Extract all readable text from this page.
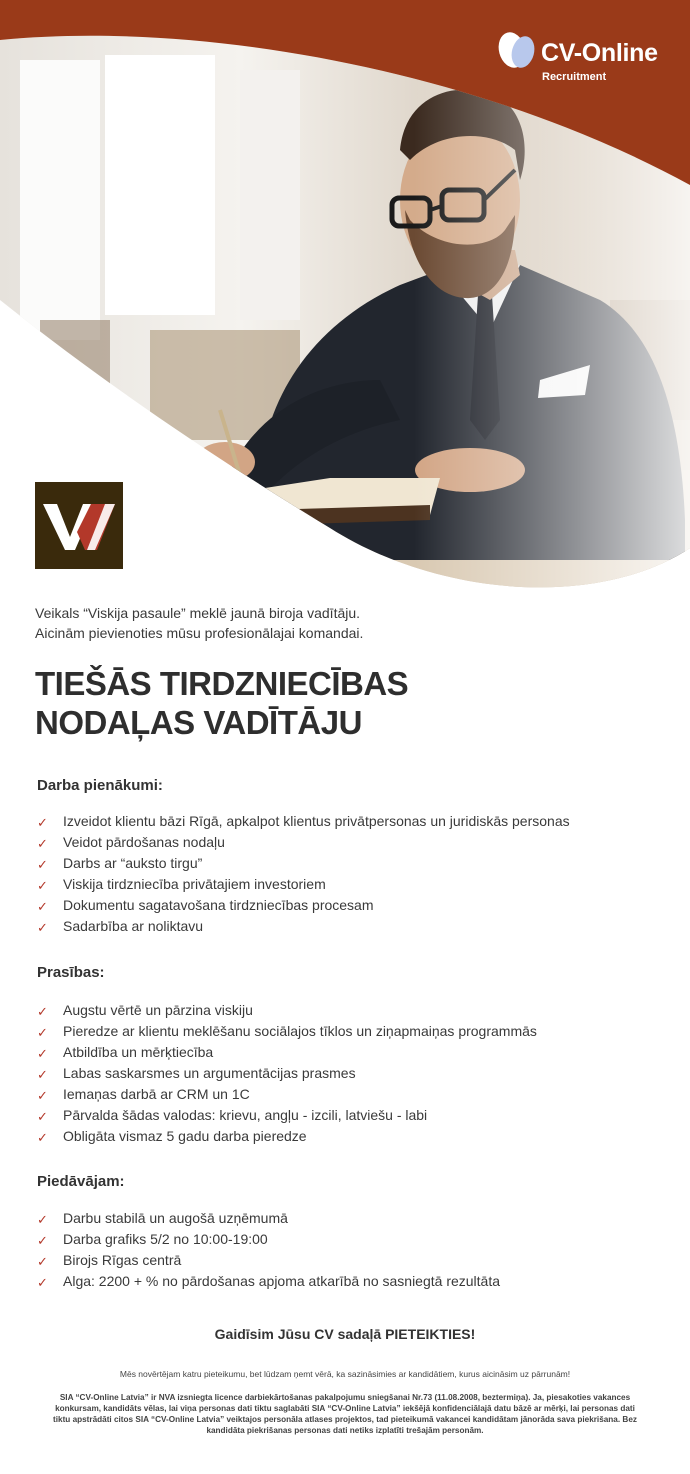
CV-Online
Recruitment
Veikals “Viskija pasaule” meklē jaunā biroja vadītāju.
Aicinām pievienoties mūsu profesionālajai komandai.
TIEŠĀS TIRDZNIECĪBAS
NODAĻAS VADĪTĀJU
Darba pienākumi:
✓ Izveidot klientu bāzi Rīgā, apkalpot klientus privātpersonas un juridiskās personas
✓ Veidot pārdošanas nodaļu
✓ Darbs ar “auksto tirgu”
✓ Viskija tirdzniecība privātajiem investoriem
✓ Dokumentu sagatavošana tirdzniecības procesam
✓ Sadarbība ar noliktavu
Prasības:
✓ Augstu vērtē un pārzina viskiju
✓ Pieredze ar klientu meklēšanu sociālajos tīklos un ziņapmaiņas programmās
✓ Atbildība un mērķtiecība
✓ Labas saskarsmes un argumentācijas prasmes
✓ Iemaņas darbā ar CRM un 1C
✓ Pārvalda šādas valodas: krievu, angļu - izcili, latviešu - labi
✓ Obligāta vismaz 5 gadu darba pieredze
Piedāvājam:
✓ Darbu stabilā un augošā uzņēmumā
✓ Darba grafiks 5/2 no 10:00-19:00
✓ Birojs Rīgas centrā
✓ Alga: 2200 + % no pārdošanas apjoma atkarībā no sasniegtā rezultāta
Gaidīsim Jūsu CV sadaļā PIETEIKTIES!
Mēs novērtējam katru pieteikumu, bet lūdzam ņemt vērā, ka sazināsimies ar kandidātiem, kurus aicināsim uz pārrunām!
SIA “CV-Online Latvia” ir NVA izsniegta licence darbiekārtošanas pakalpojumu sniegšanai Nr.73 (11.08.2008, beztermiņa). Ja, piesakoties vakances konkursam, kandidāts vēlas, lai viņa personas dati tiktu saglabāti SIA “CV-Online Latvia” iekšējā konfidenciālajā datu bāzē ar mērķi, lai personas dati tiktu apstrādāti citos SIA “CV-Online Latvia” veiktajos personāla atlases projektos, tad pieteikumā vakancei kandidātam jānorāda sava piekrišana. Bez kandidāta piekrišanas personas dati netiks izplatīti trešajām personām.
